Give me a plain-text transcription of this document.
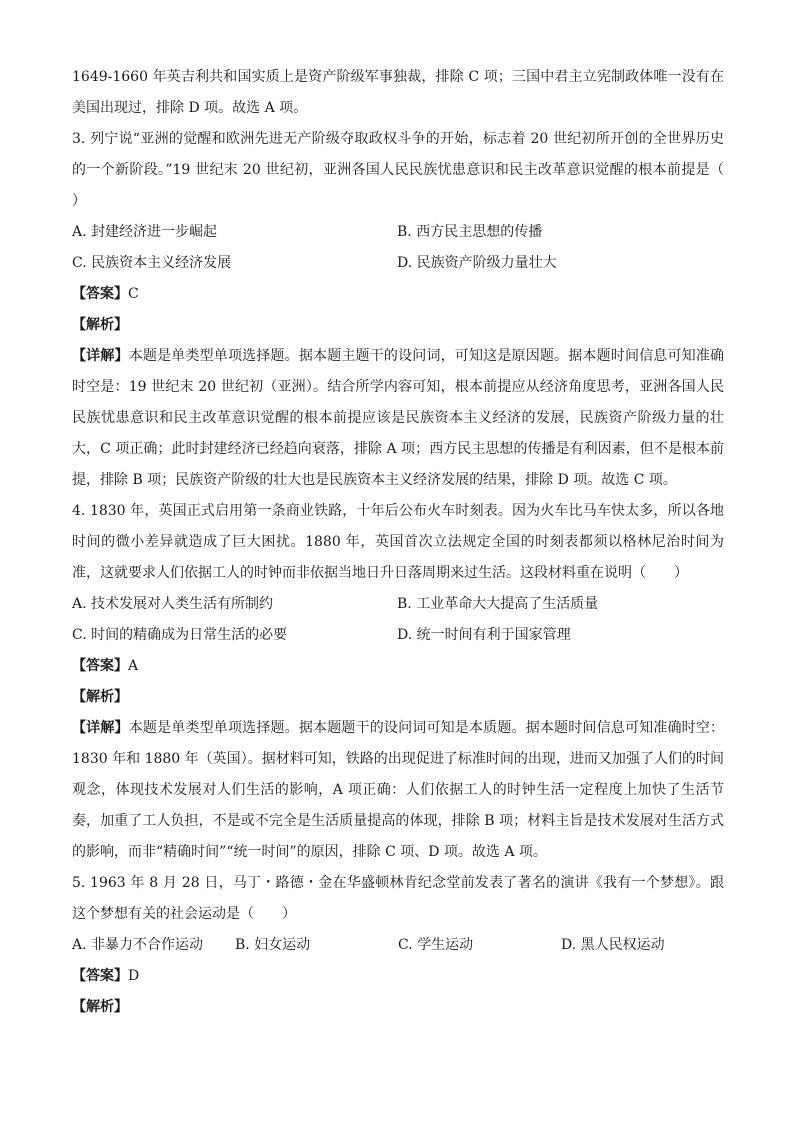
1649-1660 年英吉利共和国实质上是资产阶级军事独裁，排除 C 项；三国中君主立宪制政体唯一没有在美国出现过，排除 D 项。故选 A 项。

3. 列宁说“亚洲的觉醒和欧洲先进无产阶级夺取政权斗争的开始，标志着 20 世纪初所开创的全世界历史的一个新阶段。”19 世纪末 20 世纪初，亚洲各国人民民族忧患意识和民主改革意识觉醒的根本前提是（　　）

A. 封建经济进一步崛起	B. 西方民主思想的传播
C. 民族资本主义经济发展	D. 民族资产阶级力量壮大
【答案】C
【解析】

【详解】本题是单类型单项选择题。据本题主题干的设问词，可知这是原因题。据本题时间信息可知准确时空是：19 世纪末 20 世纪初（亚洲）。结合所学内容可知，根本前提应从经济角度思考，亚洲各国人民民族忧患意识和民主改革意识觉醒的根本前提应该是民族资本主义经济的发展，民族资产阶级力量的壮大，C 项正确；此时封建经济已经趋向衰落，排除 A 项；西方民主思想的传播是有利因素，但不是根本前提，排除 B 项；民族资产阶级的壮大也是民族资本主义经济发展的结果，排除 D 项。故选 C 项。

4. 1830 年，英国正式启用第一条商业铁路，十年后公布火车时刻表。因为火车比马车快太多，所以各地时间的微小差异就造成了巨大困扰。1880 年，英国首次立法规定全国的时刻表都须以格林尼治时间为准，这就要求人们依据工人的时钟而非依据当地日升日落周期来过生活。这段材料重在说明（　　）

A. 技术发展对人类生活有所制约	B. 工业革命大大提高了生活质量
C. 时间的精确成为日常生活的必要	D. 统一时间有利于国家管理
【答案】A
【解析】

【详解】本题是单类型单项选择题。据本题题干的设问词可知是本质题。据本题时间信息可知准确时空：1830 年和 1880 年（英国）。据材料可知，铁路的出现促进了标准时间的出现，进而又加强了人们的时间观念，体现技术发展对人们生活的影响，A 项正确：人们依据工人的时钟生活一定程度上加快了生活节奏，加重了工人负担，不是或不完全是生活质量提高的体现，排除 B 项；材料主旨是技术发展对生活方式的影响，而非“精确时间”“统一时间”的原因，排除 C 项、D 项。故选 A 项。

5. 1963 年 8 月 28 日，马丁・路德・金在华盛顿林肯纪念堂前发表了著名的演讲《我有一个梦想》。跟这个梦想有关的社会运动是（　　）

A. 非暴力不合作运动	B. 妇女运动	C. 学生运动	D. 黑人民权运动
【答案】D
【解析】
